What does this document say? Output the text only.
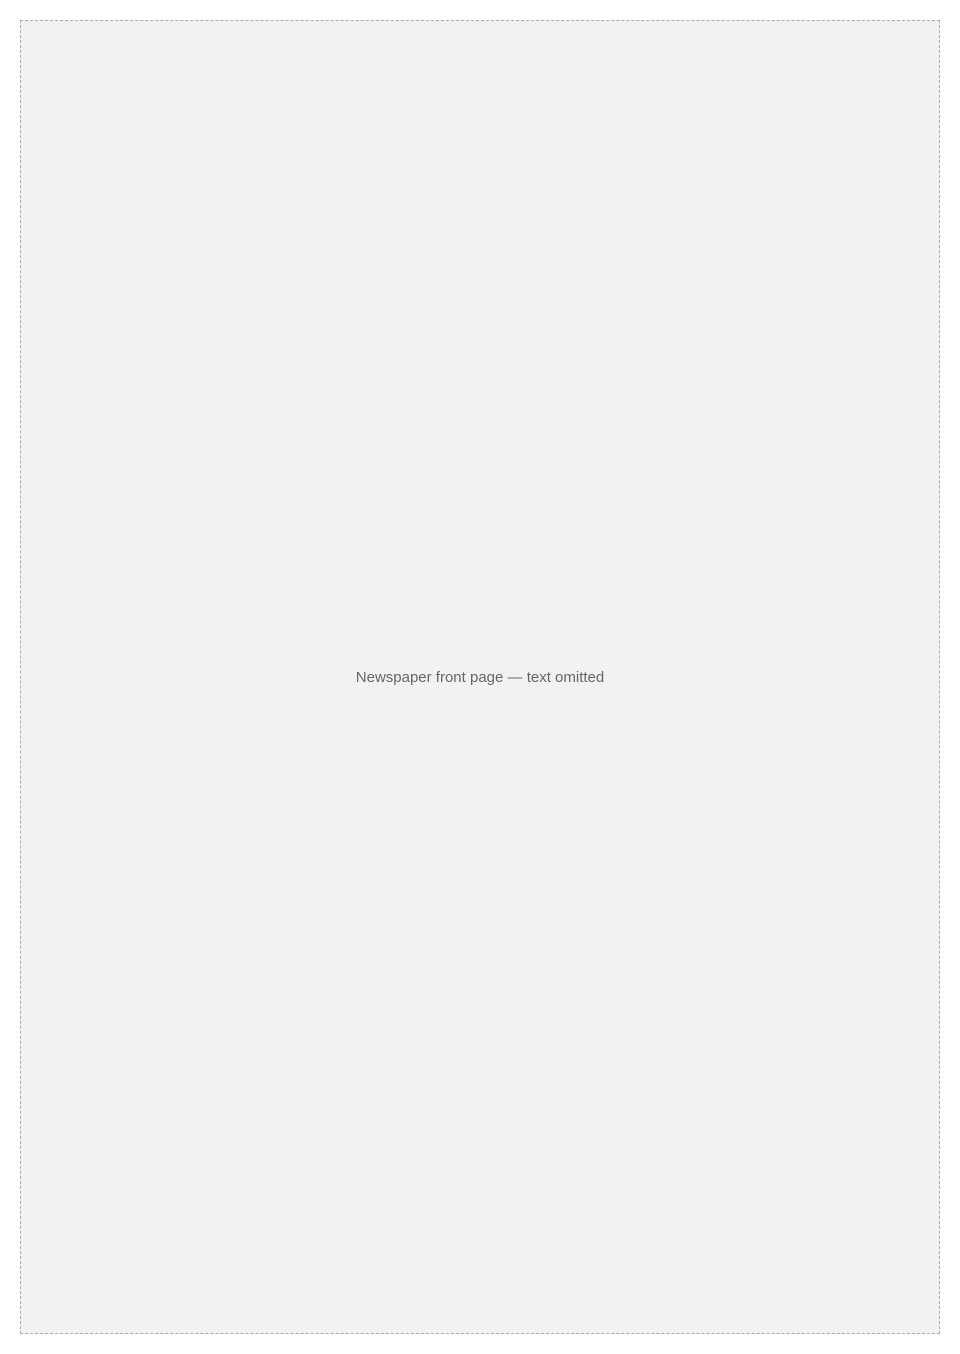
Newspaper front page — text omitted
